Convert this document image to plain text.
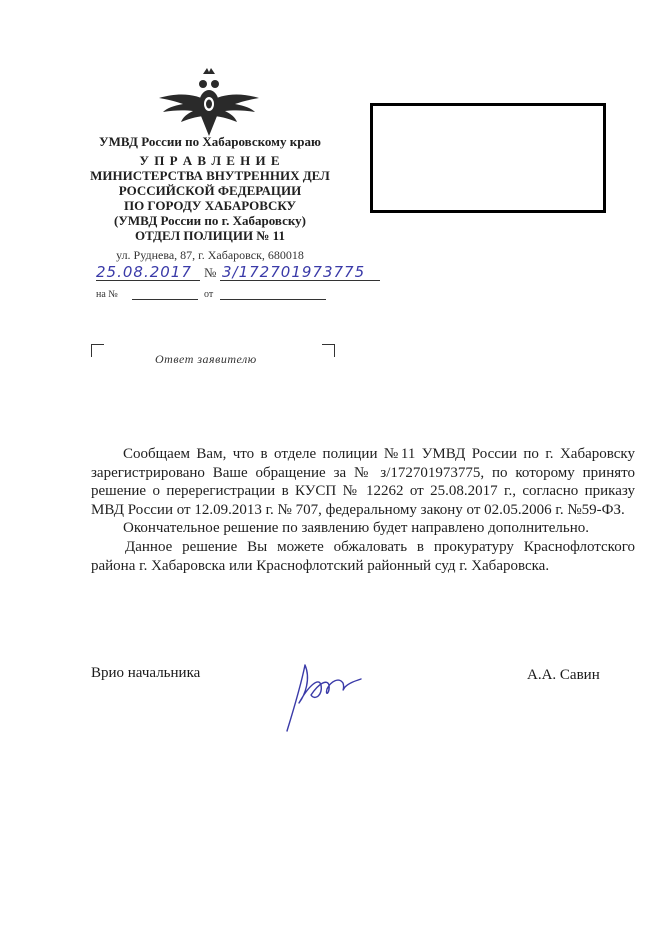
УМВД России по Хабаровскому краю
У П Р А В Л Е Н И Е
МИНИСТЕРСТВА ВНУТРЕННИХ ДЕЛ
РОССИЙСКОЙ ФЕДЕРАЦИИ
ПО ГОРОДУ ХАБАРОВСКУ
(УМВД России по г. Хабаровску)
ОТДЕЛ ПОЛИЦИИ № 11
ул. Руднева, 87, г. Хабаровск, 680018
25.08.2017 № 3/172701973775
на №	от
Ответ заявителю

Сообщаем Вам, что в отделе полиции №11 УМВД России по г. Хабаровску зарегистрировано Ваше обращение за № з/172701973775, по которому принято решение о перерегистрации в КУСП № 12262 от 25.08.2017 г., согласно приказу МВД России от 12.09.2013 г. № 707, федеральному закону от 02.05.2006 г. №59-ФЗ.

Окончательное решение по заявлению будет направлено дополнительно.

Данное решение Вы можете обжаловать в прокуратуру Краснофлотского района г. Хабаровска или Краснофлотский районный суд г. Хабаровска.

Врио начальника	А.А. Савин
